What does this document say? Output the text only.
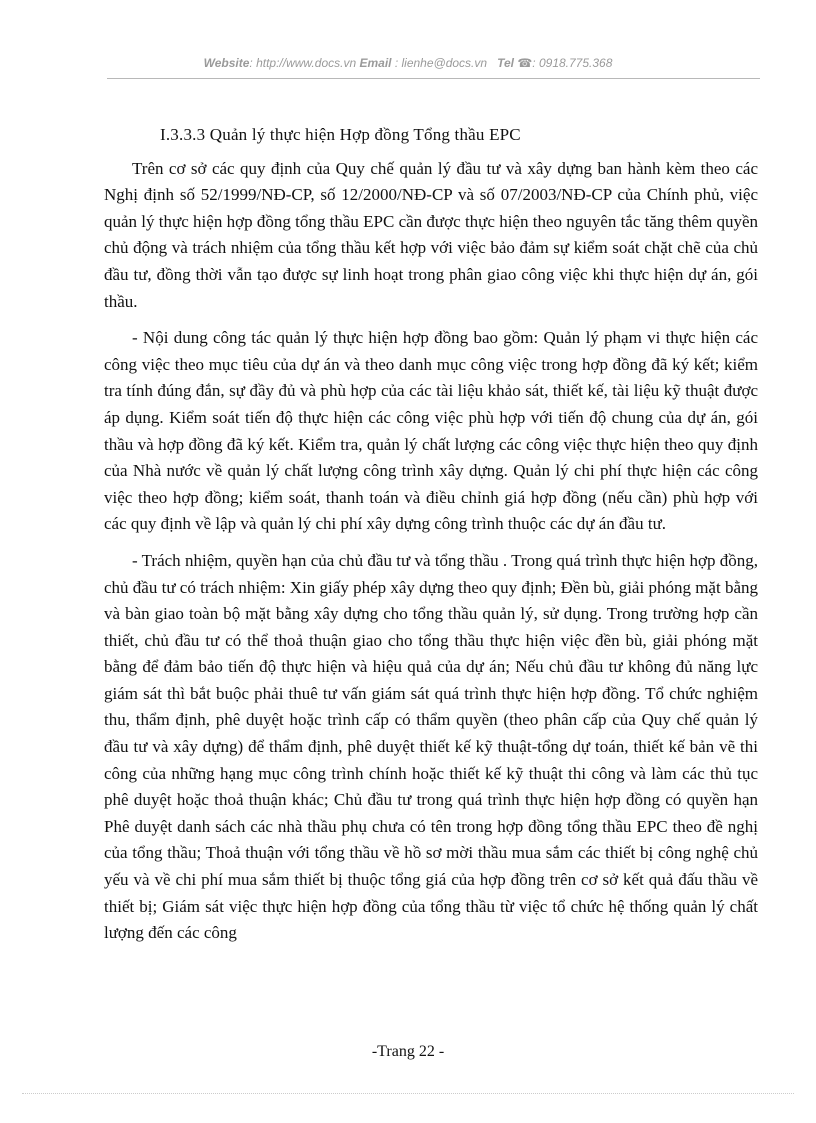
Website: http://www.docs.vn Email : lienhe@docs.vn Tel ☎: 0918.775.368

I.3.3.3 Quản lý thực hiện Hợp đồng Tổng thầu EPC

Trên cơ sở các quy định của Quy chế quản lý đầu tư và xây dựng ban hành kèm theo các Nghị định số 52/1999/NĐ-CP, số 12/2000/NĐ-CP và số 07/2003/NĐ-CP của Chính phủ, việc quản lý thực hiện hợp đồng tổng thầu EPC cần được thực hiện theo nguyên tắc tăng thêm quyền chủ động và trách nhiệm của tổng thầu kết hợp với việc bảo đảm sự kiểm soát chặt chẽ của chủ đầu tư, đồng thời vẫn tạo được sự linh hoạt trong phân giao công việc khi thực hiện dự án, gói thầu.

- Nội dung công tác quản lý thực hiện hợp đồng bao gồm: Quản lý phạm vi thực hiện các công việc theo mục tiêu của dự án và theo danh mục công việc trong hợp đồng đã ký kết; kiểm tra tính đúng đắn, sự đầy đủ và phù hợp của các tài liệu khảo sát, thiết kế, tài liệu kỹ thuật được áp dụng. Kiểm soát tiến độ thực hiện các công việc phù hợp với tiến độ chung của dự án, gói thầu và hợp đồng đã ký kết. Kiểm tra, quản lý chất lượng các công việc thực hiện theo quy định của Nhà nước về quản lý chất lượng công trình xây dựng. Quản lý chi phí thực hiện các công việc theo hợp đồng; kiểm soát, thanh toán và điều chỉnh giá hợp đồng (nếu cần) phù hợp với các quy định về lập và quản lý chi phí xây dựng công trình thuộc các dự án đầu tư.

- Trách nhiệm, quyền hạn của chủ đầu tư và tổng thầu . Trong quá trình thực hiện hợp đồng, chủ đầu tư có trách nhiệm: Xin giấy phép xây dựng theo quy định; Đền bù, giải phóng mặt bằng và bàn giao toàn bộ mặt bằng xây dựng cho tổng thầu quản lý, sử dụng. Trong trường hợp cần thiết, chủ đầu tư có thể thoả thuận giao cho tổng thầu thực hiện việc đền bù, giải phóng mặt bằng để đảm bảo tiến độ thực hiện và hiệu quả của dự án; Nếu chủ đầu tư không đủ năng lực giám sát thì bắt buộc phải thuê tư vấn giám sát quá trình thực hiện hợp đồng. Tổ chức nghiệm thu, thẩm định, phê duyệt hoặc trình cấp có thẩm quyền (theo phân cấp của Quy chế quản lý đầu tư và xây dựng) để thẩm định, phê duyệt thiết kế kỹ thuật-tổng dự toán, thiết kế bản vẽ thi công của những hạng mục công trình chính hoặc thiết kế kỹ thuật thi công và làm các thủ tục phê duyệt hoặc thoả thuận khác; Chủ đầu tư trong quá trình thực hiện hợp đồng có quyền hạn Phê duyệt danh sách các nhà thầu phụ chưa có tên trong hợp đồng tổng thầu EPC theo đề nghị của tổng thầu; Thoả thuận với tổng thầu về hồ sơ mời thầu mua sắm các thiết bị công nghệ chủ yếu và về chi phí mua sắm thiết bị thuộc tổng giá của hợp đồng trên cơ sở kết quả đấu thầu về thiết bị; Giám sát việc thực hiện hợp đồng của tổng thầu từ việc tổ chức hệ thống quản lý chất lượng đến các công

-Trang 22 -
